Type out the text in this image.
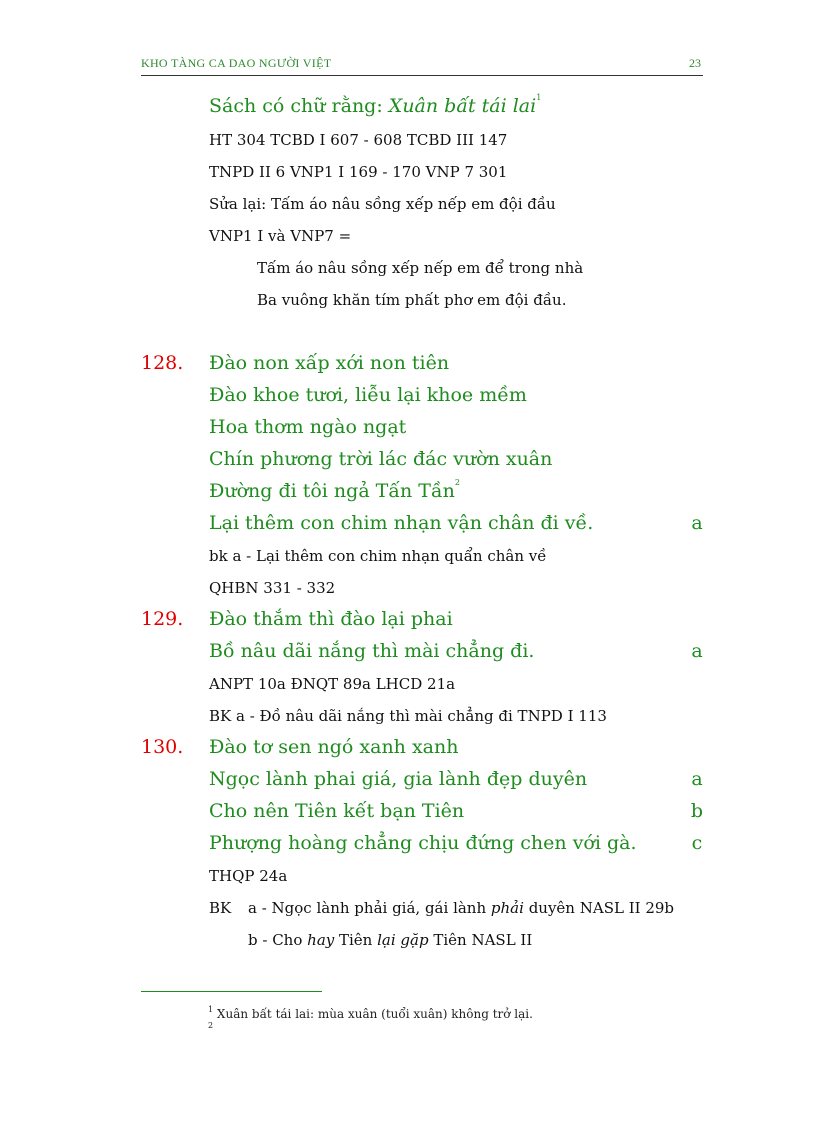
KHO TÀNG CA DAO NGƯỜI VIỆT	23
Sách có chữ rằng: Xuân bất tái lai$^1$
HT 304 TCBD I 607 - 608 TCBD III 147
TNPD II 6 VNP1 I 169 - 170 VNP 7 301
Sửa lại: Tấm áo nâu sồng xếp nếp em đội đầu
VNP1 I và VNP7 =
Tấm áo nâu sồng xếp nếp em để trong nhà
Ba vuông khăn tím phất phơ em đội đầu.
128. Đào non xấp xới non tiên
Đào khoe tươi, liễu lại khoe mềm
Hoa thơm ngào ngạt
Chín phương trời lác đác vườn xuân
Đường đi tôi ngả Tấn Tần$^2$
Lại thêm con chim nhạn vận chân đi về.	a
bk a - Lại thêm con chim nhạn quẩn chân về
QHBN 331 - 332
129. Đào thắm thì đào lại phai
Bồ nâu dãi nắng thì mài chẳng đi.	a
ANPT 10a ĐNQT 89a LHCD 21a
BK a - Đồ nâu dãi nắng thì mài chẳng đi TNPD I 113
130. Đào tơ sen ngó xanh xanh
Ngọc lành phai giá, gia lành đẹp duyên	a
Cho nên Tiên kết bạn Tiên	b
Phượng hoàng chẳng chịu đứng chen với gà.	c
THQP 24a
BK a - Ngọc lành phải giá, gái lành phải duyên NASL II 29b
b - Cho hay Tiên lại gặp Tiên NASL II
$^1$ Xuân bất tái lai: mùa xuân (tuổi xuân) không trở lại.
$^2$
